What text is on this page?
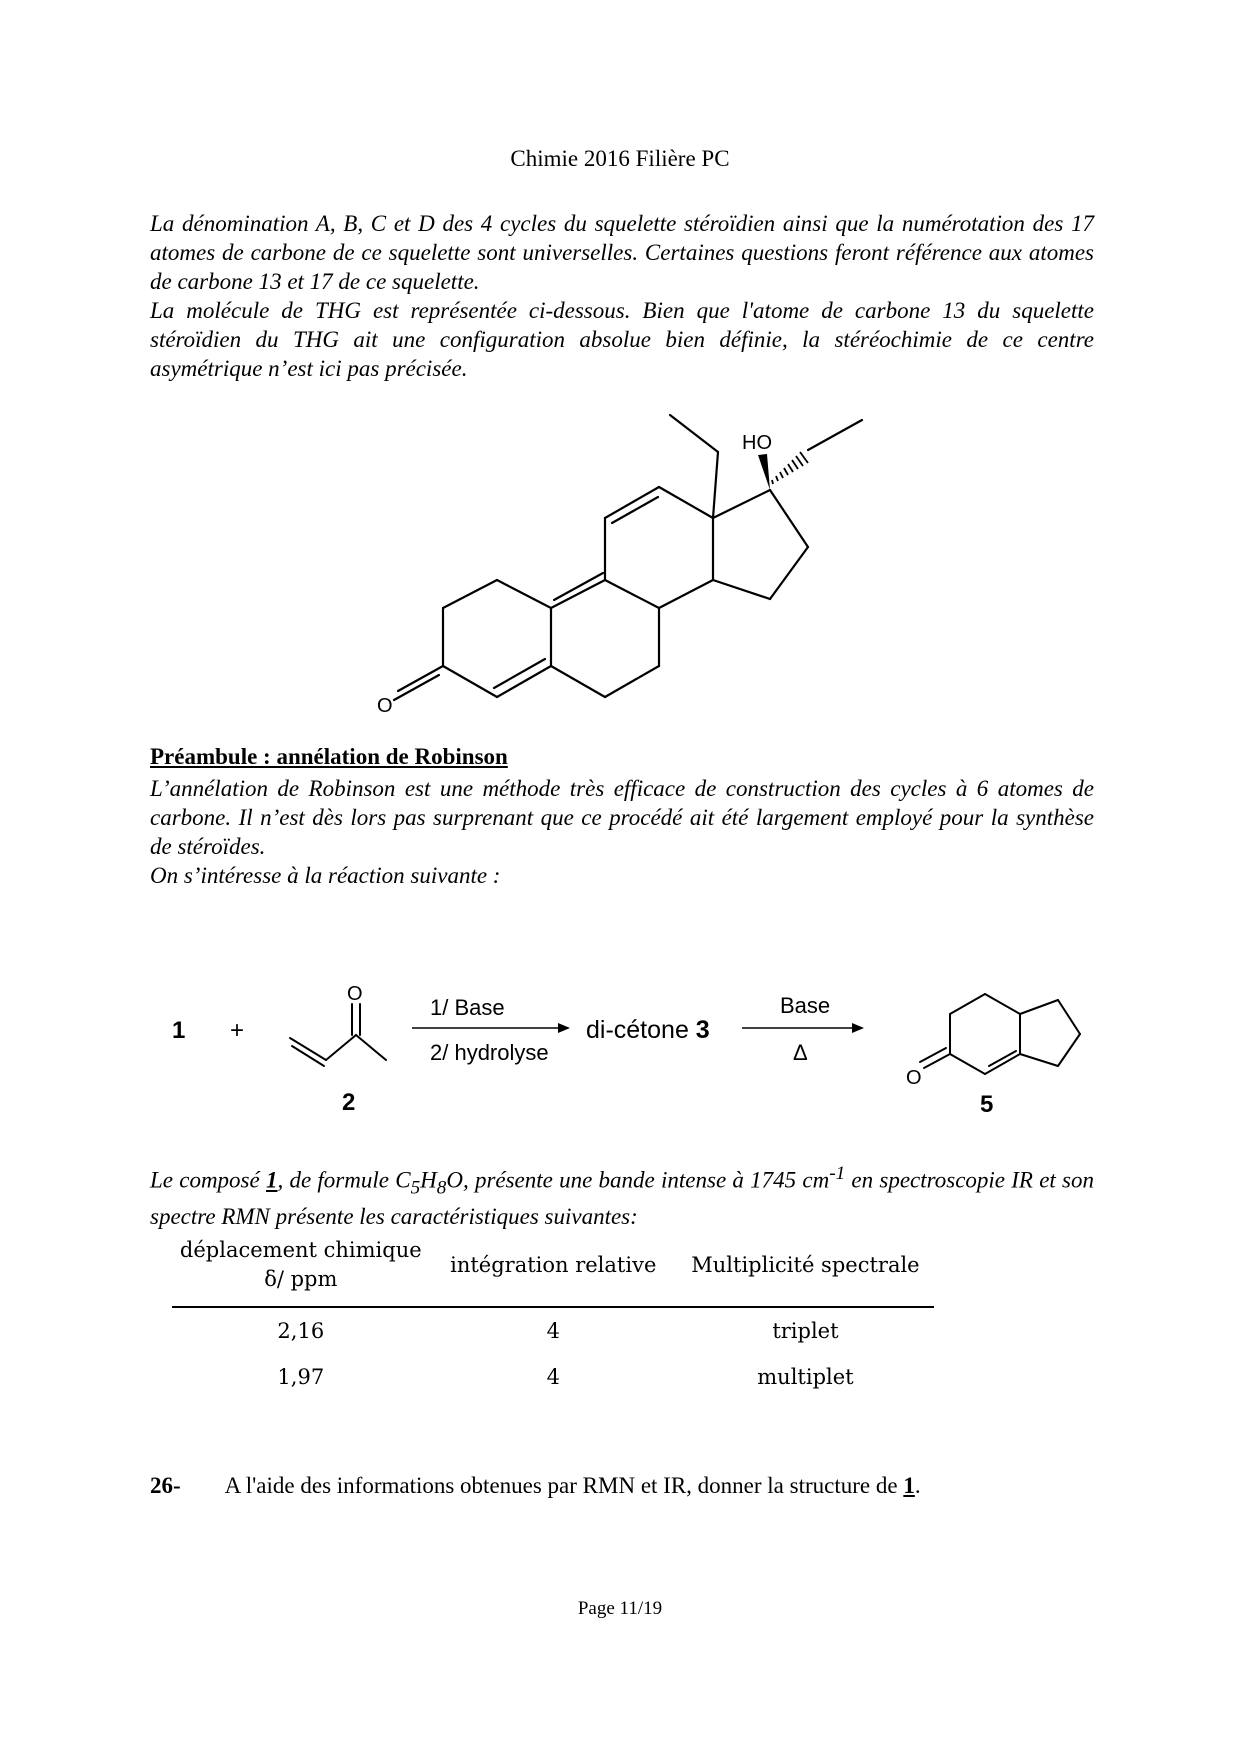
Chimie 2016 Filière PC

La dénomination A, B, C et D des 4 cycles du squelette stéroïdien ainsi que la numérotation des 17 atomes de carbone de ce squelette sont universelles. Certaines questions feront référence aux atomes de carbone 13 et 17 de ce squelette.

La molécule de THG est représentée ci-dessous. Bien que l'atome de carbone 13 du squelette stéroïdien du THG ait une configuration absolue bien définie, la stéréochimie de ce centre asymétrique n’est ici pas précisée.

HO
O
Préambule : annélation de Robinson

L’annélation de Robinson est une méthode très efficace de construction des cycles à 6 atomes de carbone. Il n’est dès lors pas surprenant que ce procédé ait été largement employé pour la synthèse de stéroïdes.

On s’intéresse à la réaction suivante :

1 +
O
2
1/ Base
2/ hydrolyse
di-cétone 3
Base
Δ
O
5
Le composé 1, de formule $C_5H_8O$, présente une bande intense à 1745 $cm^{-1}$ en spectroscopie IR et son spectre RMN présente les caractéristiques suivantes:
déplacement chimique
δ/ ppm	intégration relative	Multiplicité spectrale
2,16	4	triplet
1,97	4	multiplet
26- A l'aide des informations obtenues par RMN et IR, donner la structure de 1.
Page 11/19
